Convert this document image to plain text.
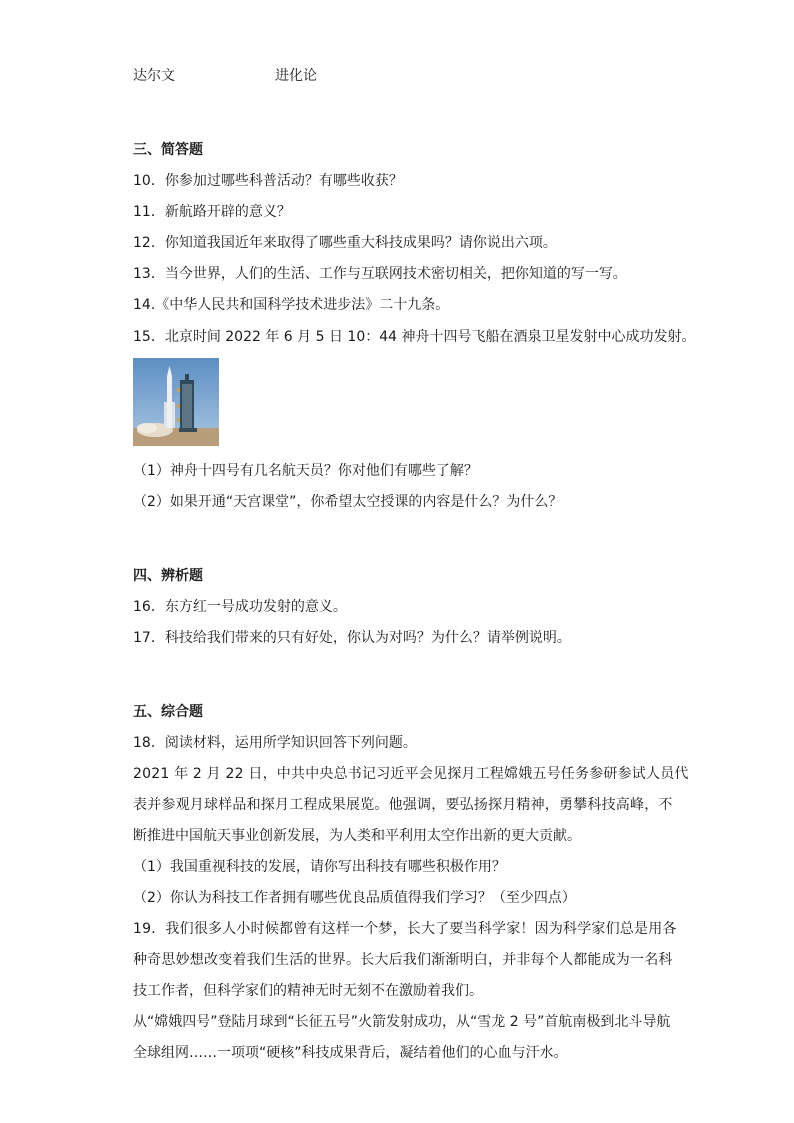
达尔文	进化论
三、简答题
10．你参加过哪些科普活动？有哪些收获？
11．新航路开辟的意义？
12．你知道我国近年来取得了哪些重大科技成果吗？请你说出六项。
13．当今世界，人们的生活、工作与互联网技术密切相关，把你知道的写一写。
14.《中华人民共和国科学技术进步法》二十九条。
15．北京时间 2022 年 6 月 5 日 10：44 神舟十四号飞船在酒泉卫星发射中心成功发射。
（1）神舟十四号有几名航天员？你对他们有哪些了解？
（2）如果开通“天宫课堂”，你希望太空授课的内容是什么？为什么？
四、辨析题
16．东方红一号成功发射的意义。
17．科技给我们带来的只有好处，你认为对吗？为什么？请举例说明。
五、综合题
18．阅读材料，运用所学知识回答下列问题。
2021 年 2 月 22 日，中共中央总书记习近平会见探月工程嫦娥五号任务参研参试人员代
表并参观月球样品和探月工程成果展览。他强调，要弘扬探月精神，勇攀科技高峰，不
断推进中国航天事业创新发展，为人类和平利用太空作出新的更大贡献。
（1）我国重视科技的发展，请你写出科技有哪些积极作用？
（2）你认为科技工作者拥有哪些优良品质值得我们学习？（至少四点）
19．我们很多人小时候都曾有这样一个梦，长大了要当科学家！因为科学家们总是用各
种奇思妙想改变着我们生活的世界。长大后我们渐渐明白，并非每个人都能成为一名科
技工作者，但科学家们的精神无时无刻不在激励着我们。
从“嫦娥四号”登陆月球到“长征五号”火箭发射成功，从“雪龙 2 号”首航南极到北斗导航
全球组网……一项项“硬核”科技成果背后，凝结着他们的心血与汗水。
